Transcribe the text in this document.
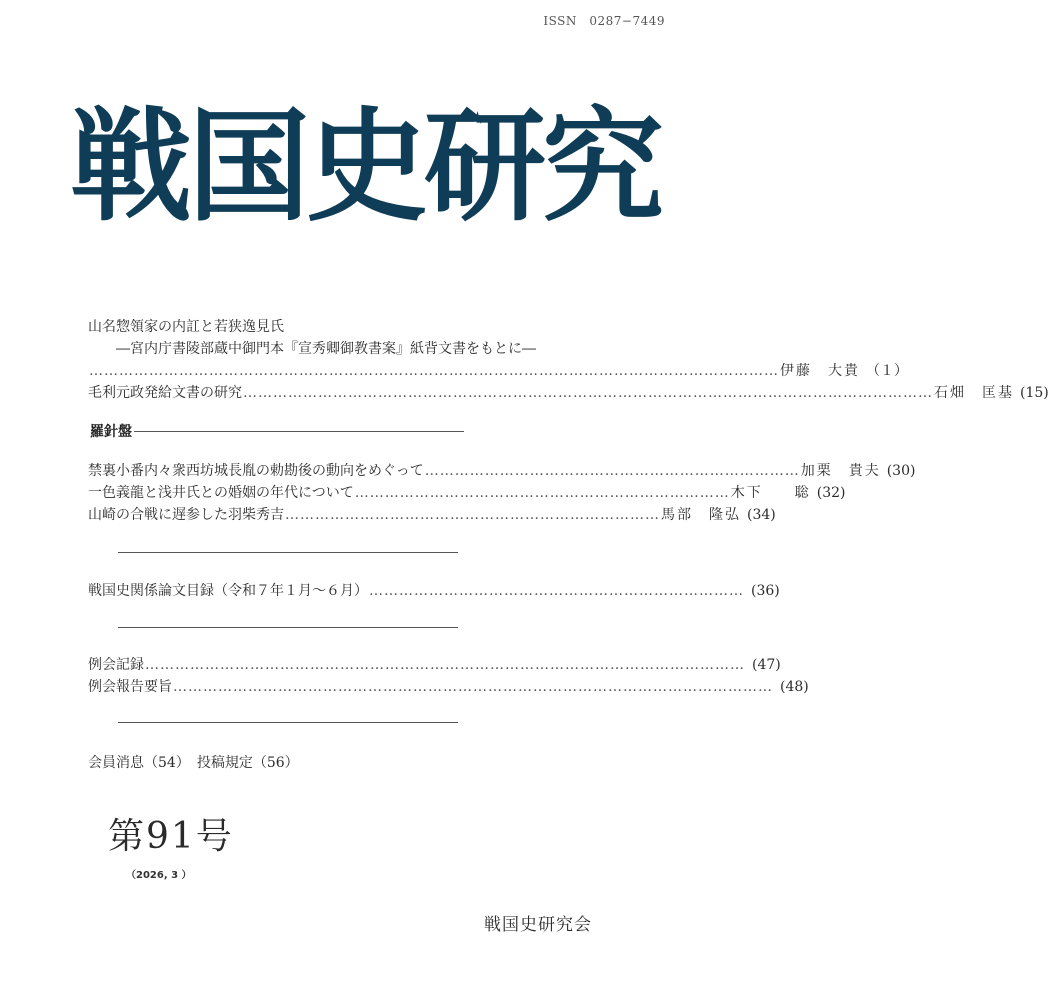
ISSN　0287−7449
戦国史研究
山名惣領家の内訌と若狭逸見氏
―宮内庁書陵部蔵中御門本『宣秀卿御教書案』紙背文書をもとに―
………………………………………………………………………………………………………………………… 伊藤　大貴 （１）
毛利元政発給文書の研究 ………………………………………………………………………………………………………………………… 石畑　匡基 (15)
羅針盤
禁裏小番内々衆西坊城長胤の勅勘後の動向をめぐって ………………………………………………………………… 加栗　貴夫 (30)
一色義龍と浅井氏との婚姻の年代について ………………………………………………………………… 木下　　聡 (32)
山崎の合戦に遅参した羽柴秀吉 ………………………………………………………………… 馬部　隆弘 (34)
戦国史関係論文目録（令和７年１月～６月） ………………………………………………………………… (36)
例会記録 ………………………………………………………………………………………………………… (47)
例会報告要旨 ………………………………………………………………………………………………………… (48)
会員消息（54）　投稿規定（56）
第91号
（2026, 3 ）
戦国史研究会
